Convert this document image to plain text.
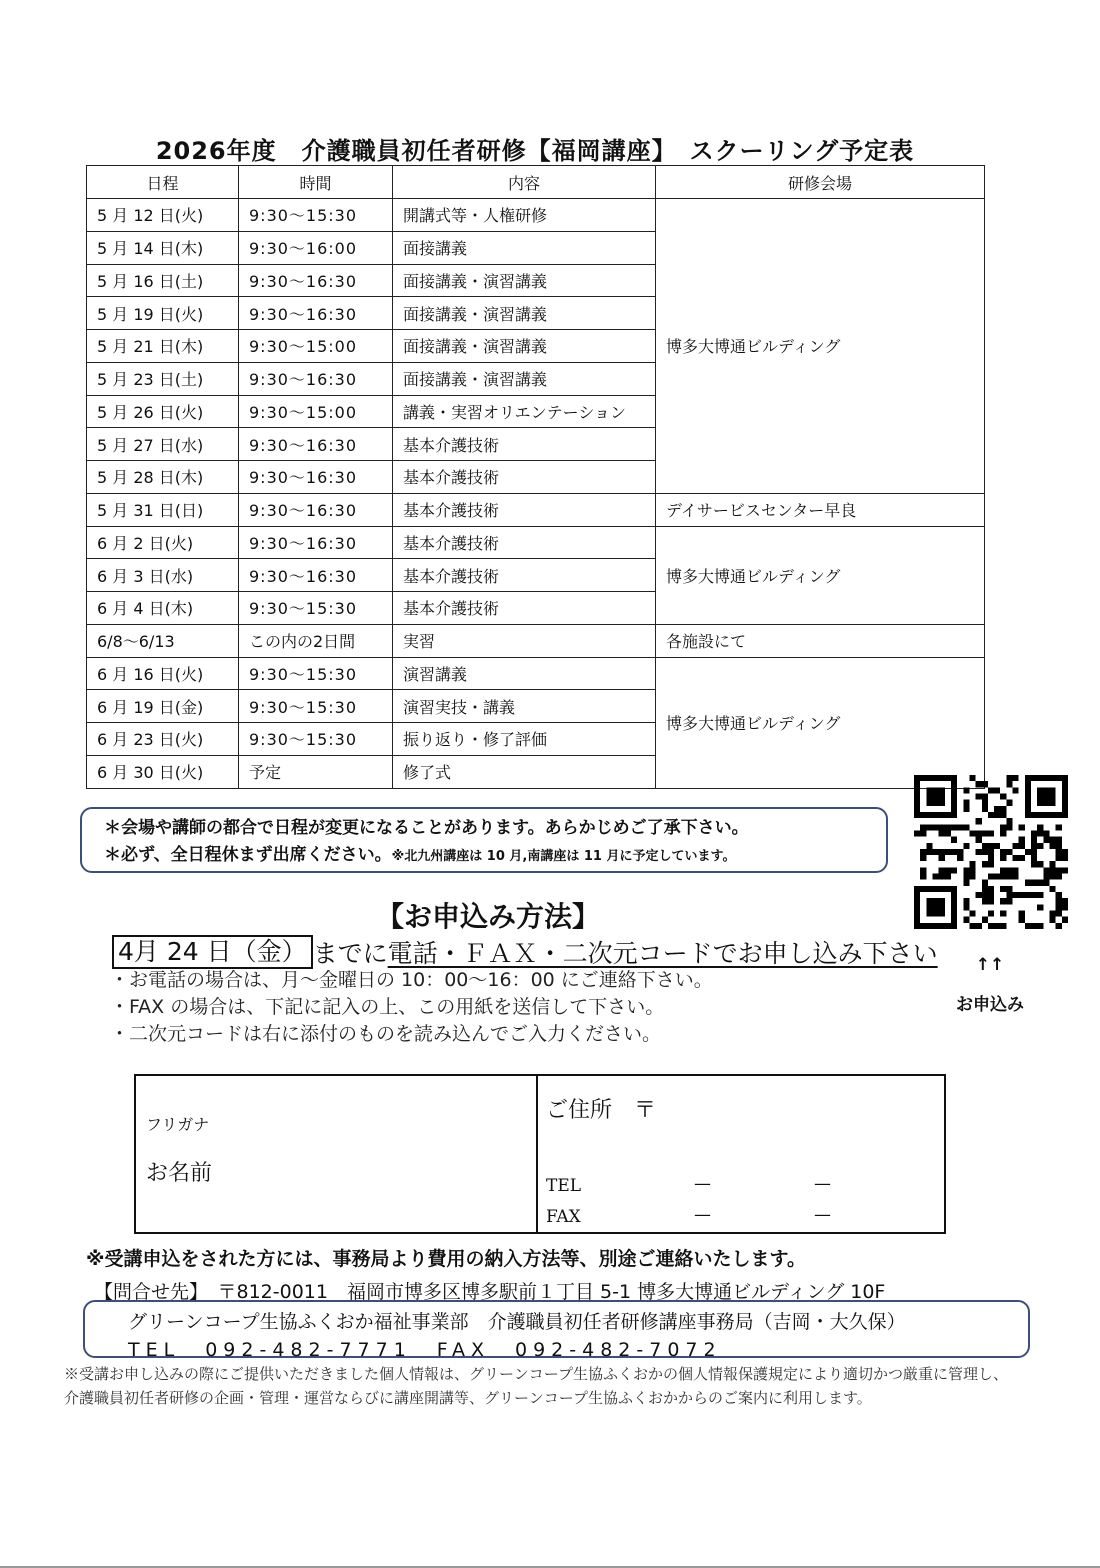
2026年度　介護職員初任者研修【福岡講座】　スクーリング予定表
日程	時間	内容	研修会場
5 月 12 日(火)	9:30〜15:30	開講式等・人権研修	博多大博通ビルディング
5 月 14 日(木)	9:30〜16:00	面接講義	
5 月 16 日(土)	9:30〜16:30	面接講義・演習講義	
5 月 19 日(火)	9:30〜16:30	面接講義・演習講義	
5 月 21 日(木)	9:30〜15:00	面接講義・演習講義	
5 月 23 日(土)	9:30〜16:30	面接講義・演習講義	
5 月 26 日(火)	9:30〜15:00	講義・実習オリエンテーション	
5 月 27 日(水)	9:30〜16:30	基本介護技術	
5 月 28 日(木)	9:30〜16:30	基本介護技術	
5 月 31 日(日)	9:30〜16:30	基本介護技術	デイサービスセンター早良
6 月 2 日(火)	9:30〜16:30	基本介護技術	博多大博通ビルディング
6 月 3 日(水)	9:30〜16:30	基本介護技術	
6 月 4 日(木)	9:30〜15:30	基本介護技術	
6/8〜6/13	この内の2日間	実習	各施設にて
6 月 16 日(火)	9:30〜15:30	演習講義	博多大博通ビルディング
6 月 19 日(金)	9:30〜15:30	演習実技・講義	
6 月 23 日(火)	9:30〜15:30	振り返り・修了評価	
6 月 30 日(火)	予定	修了式	

＊会場や講師の都合で日程が変更になることがあります。あらかじめご了承下さい。

＊必ず、全日程休まず出席ください。※北九州講座は 10 月,南講座は 11 月に予定しています。

↑↑
お申込み
【お申込み方法】
4月 24 日（金） までに 電話・ＦＡＸ・二次元コードでお申し込み下さい
・お電話の場合は、月〜金曜日の 10：00〜16：00 にご連絡下さい。
・FAX の場合は、下記に記入の上、この用紙を送信して下さい。
・二次元コードは右に添付のものを読み込んでご入力ください。
フリガナ
お名前
ご住所　〒
TEL	—	—
FAX	—	—
※受講申込をされた方には、事務局より費用の納入方法等、別途ご連絡いたします。
【問合せ先】　〒812-0011　福岡市博多区博多駅前１丁目 5-1 博多大博通ビルディング 10F
グリーンコープ生協ふくおか福祉事業部　介護職員初任者研修講座事務局（吉岡・大久保）
TEL　092-482-7771　FAX　092-482-7072
※受講お申し込みの際にご提供いただきました個人情報は、グリーンコープ生協ふくおかの個人情報保護規定により適切かつ厳重に管理し、介護職員初任者研修の企画・管理・運営ならびに講座開講等、グリーンコープ生協ふくおかからのご案内に利用します。
